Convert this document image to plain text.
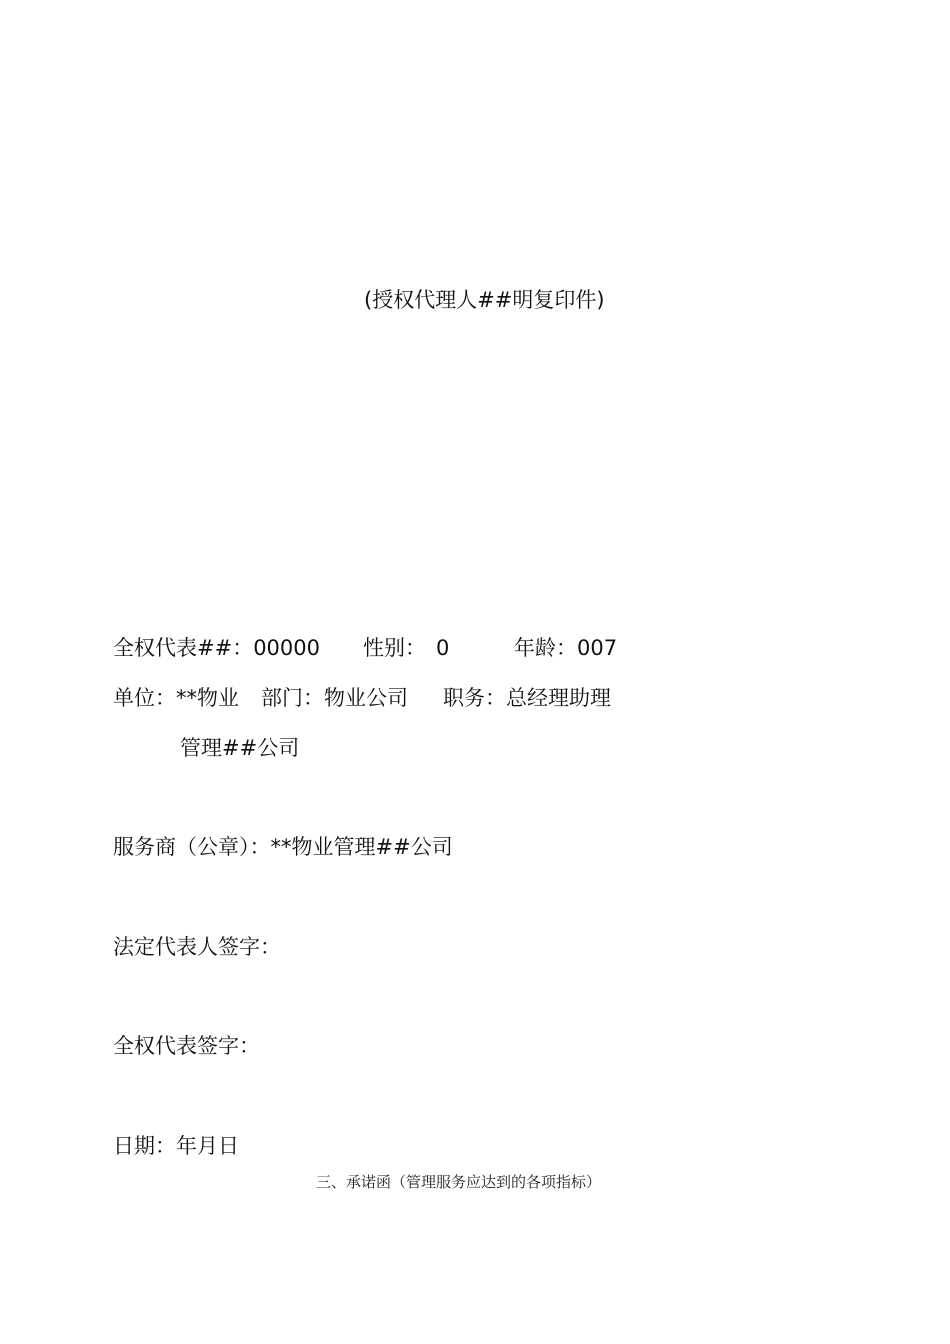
(授权代理人##明复印件)
全权代表##：00000 性别： 0	年龄：007
单位：**物业 部门：物业公司 职务：总经理助理
管理##公司
服务商（公章）：**物业管理##公司
法定代表人签字：
全权代表签字：
日期：年月日
三、承诺函（管理服务应达到的各项指标）
